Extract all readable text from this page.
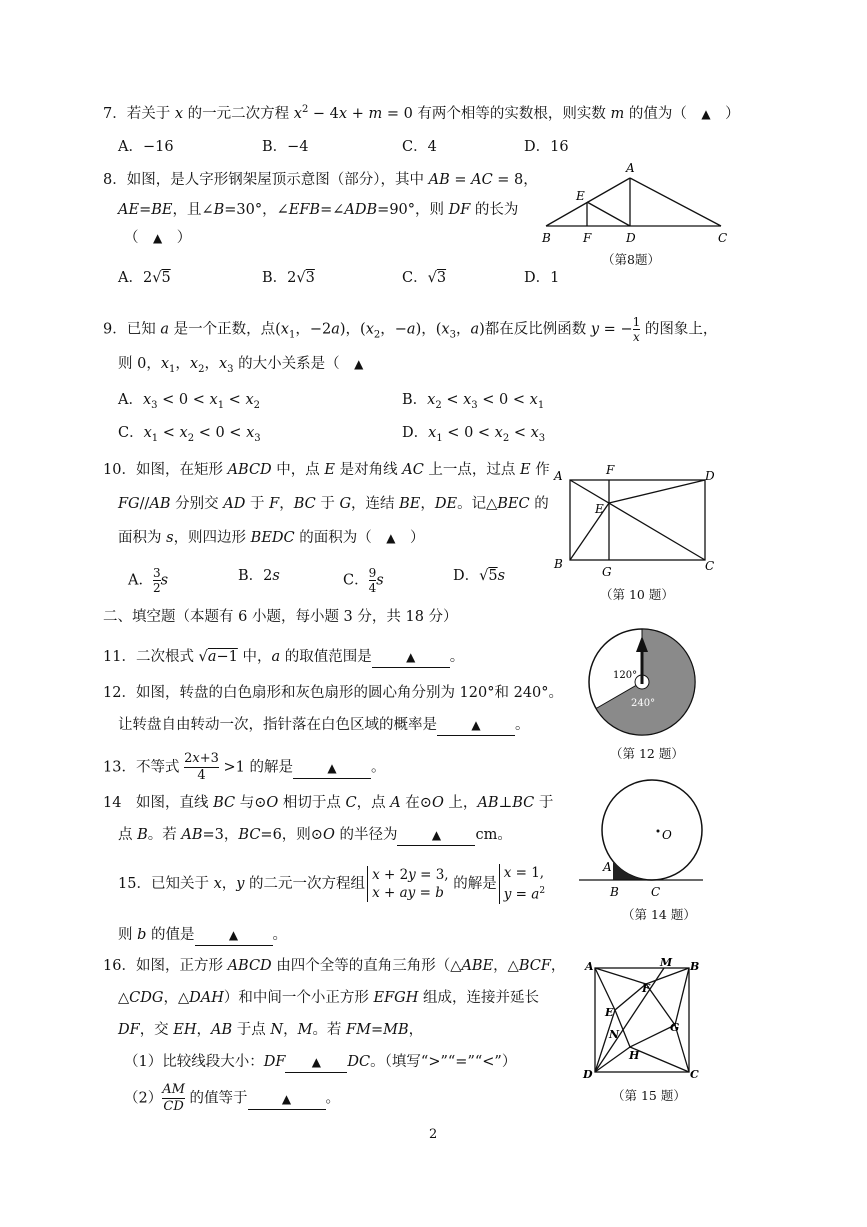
7．若关于 x 的一元二次方程 $x^2 - 4x + m = 0$ 有两个相等的实数根，则实数 m 的值为（　▲　）
A．−16	B．−4	C．4	D．16
8．如图，是人字形钢架屋顶示意图（部分），其中 AB = AC = 8，
AE=BE，且∠B=30°，∠EFB=∠ADB=90°，则 DF 的长为
（　▲　）
A．2√5	B．2√3	C．√3	D．1
A
E
B	F	D	C
（第8题）
9．已知 a 是一个正数，点($x_1$，−2a)，($x_2$，−a)，($x_3$，a)都在反比例函数 y = − $\frac{1}{x}$ 的图象上，
则 0，$x_1$，$x_2$，$x_3$ 的大小关系是（　▲
A．$x_3 < 0 < x_1 < x_2$	B．$x_2 < x_3 < 0 < x_1$
C．$x_1 < x_2 < 0 < x_3$	D．$x_1 < 0 < x_2 < x_3$
10．如图，在矩形 ABCD 中，点 E 是对角线 AC 上一点，过点 E 作
FG//AB 分别交 AD 于 F，BC 于 G，连结 BE，DE。记△BEC 的
面积为 s，则四边形 BEDC 的面积为（　▲　）
A． $\frac{3}{2}$ s	B．2s	C． $\frac{9}{4}$ s	D．√5s
A	F	D
E
B
G	C
（第 10 题）
二、填空题（本题有 6 小题，每小题 3 分，共 18 分）
11．二次根式 √a−1 中，a 的取值范围是	▲ 。
12．如图，转盘的白色扇形和灰色扇形的圆心角分别为 120°和 240°。
让转盘自由转动一次，指针落在白色区域的概率是	▲ 。
120°
240°
（第 12 题）
13．不等式 $\frac{2x+3}{4} >1$ 的解是	▲ 。
14　如图，直线 BC 与⊙O 相切于点 C，点 A 在⊙O 上，AB⊥BC 于
点 B。若 AB=3，BC=6，则⊙O 的半径为	▲ cm。	O
A
B	C
（第 14 题）
15．已知关于 x，y 的二元一次方程组
x + 2y = 3,
x + ay = b
的解是
x = 1,
$y = a^2$
则 b 的值是	▲ 。
16．如图，正方形 ABCD 由四个全等的直角三角形（△ABE，△BCF，
△CDG，△DAH）和中间一个小正方形 EFGH 组成，连接并延长
DF，交 EH，AB 于点 N，M。若 FM=MB，
（1）比较线段大小：DF ▲ DC。（填写“>”“=”“<”）
$(2) \frac{AM}{CD}$ 的值等于	▲ 。
A	M B
F
E
N
G
H
D	C
（第 15 题）
2
